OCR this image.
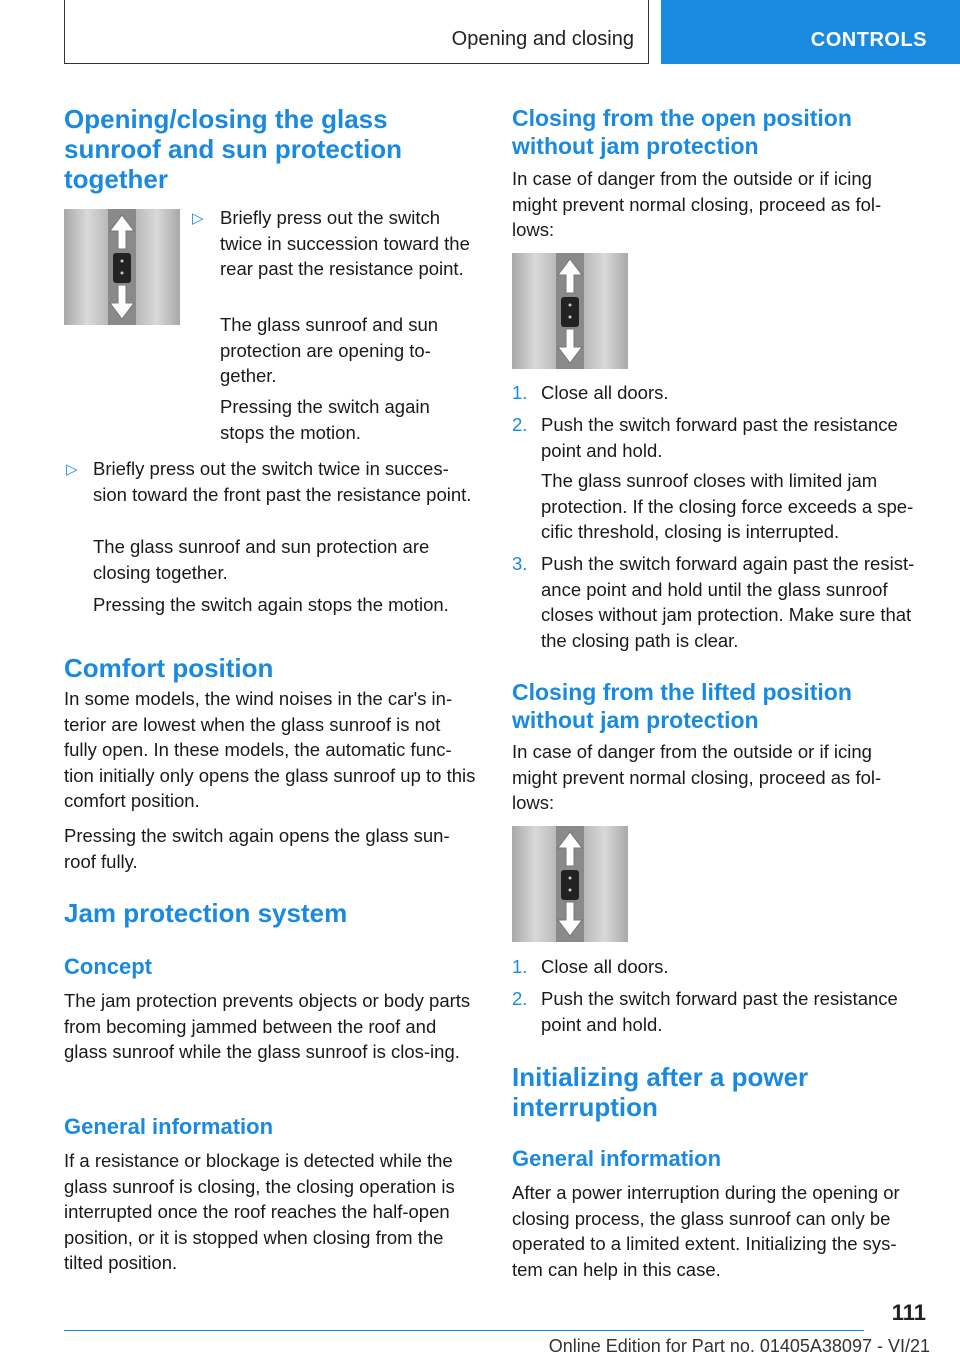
Opening and closing	CONTROLS
Opening/closing the glass sunroof and sun protection together
▷ Briefly press out the switch twice in succession toward the rear past the resistance point.

The glass sunroof and sun protection are opening to-gether.

Pressing the switch again stops the motion.

▷ Briefly press out the switch twice in succes-sion toward the front past the resistance point.

The glass sunroof and sun protection are closing together.

Pressing the switch again stops the motion.

Comfort position

In some models, the wind noises in the car's in-terior are lowest when the glass sunroof is not fully open. In these models, the automatic func-tion initially only opens the glass sunroof up to this comfort position.

Pressing the switch again opens the glass sun-roof fully.

Jam protection system
Concept

The jam protection prevents objects or body parts from becoming jammed between the roof and glass sunroof while the glass sunroof is clos-ing.

General information

If a resistance or blockage is detected while the glass sunroof is closing, the closing operation is interrupted once the roof reaches the half-open position, or it is stopped when closing from the tilted position.

Closing from the open position without jam protection

In case of danger from the outside or if icing might prevent normal closing, proceed as fol-lows:

1. Close all doors.

2. Push the switch forward past the resistance point and hold.

The glass sunroof closes with limited jam protection. If the closing force exceeds a spe-cific threshold, closing is interrupted.

3. Push the switch forward again past the resist-ance point and hold until the glass sunroof closes without jam protection. Make sure that the closing path is clear.

Closing from the lifted position without jam protection

In case of danger from the outside or if icing might prevent normal closing, proceed as fol-lows:

1. Close all doors.

2. Push the switch forward past the resistance point and hold.

Initializing after a power interruption
General information

After a power interruption during the opening or closing process, the glass sunroof can only be operated to a limited extent. Initializing the sys-tem can help in this case.

111
Online Edition for Part no. 01405A38097 - VI/21
